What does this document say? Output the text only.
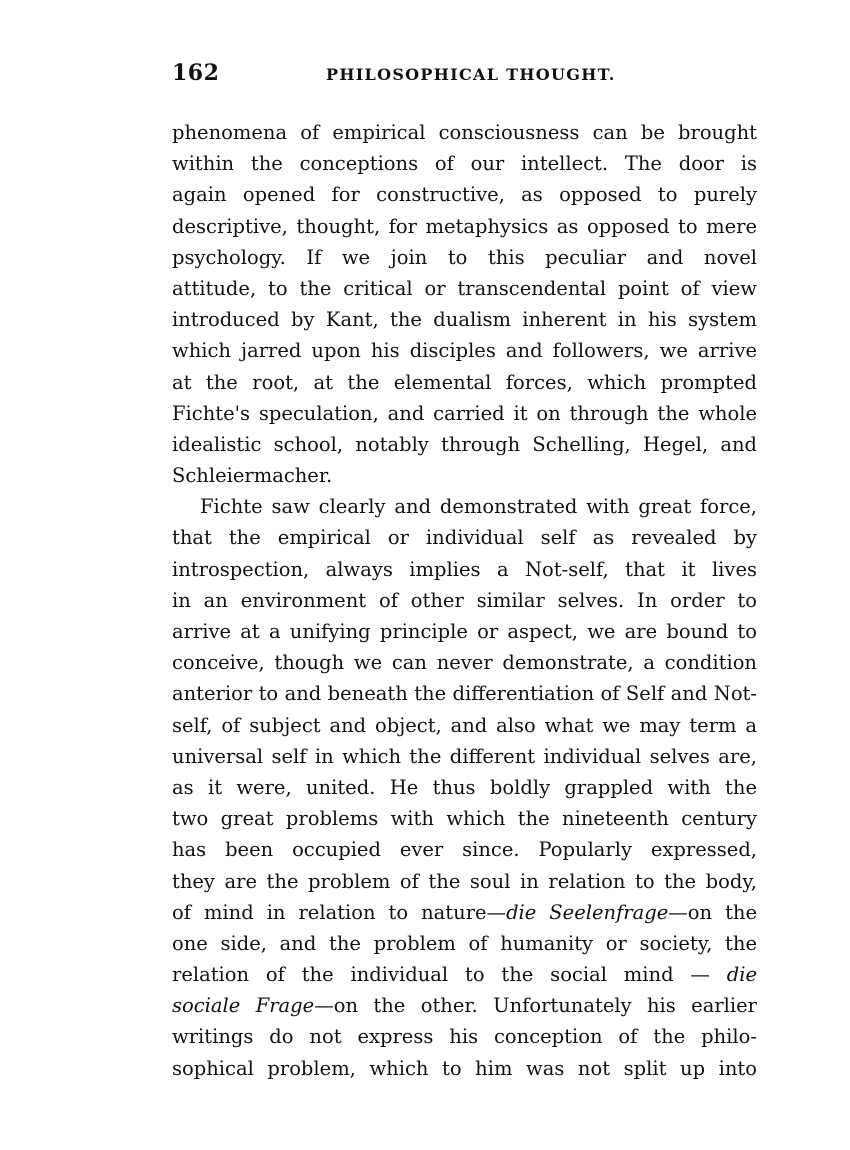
162	PHILOSOPHICAL THOUGHT.
phenomena of empirical consciousness can be brought
within the conceptions of our intellect. The door is
again opened for constructive, as opposed to purely
descriptive, thought, for metaphysics as opposed to mere
psychology. If we join to this peculiar and novel
attitude, to the critical or transcendental point of view
introduced by Kant, the dualism inherent in his system
which jarred upon his disciples and followers, we arrive
at the root, at the elemental forces, which prompted
Fichte's speculation, and carried it on through the whole
idealistic school, notably through Schelling, Hegel, and
Schleiermacher.
Fichte saw clearly and demonstrated with great force,
that the empirical or individual self as revealed by
introspection, always implies a Not-self, that it lives
in an environment of other similar selves. In order to
arrive at a unifying principle or aspect, we are bound to
conceive, though we can never demonstrate, a condition
anterior to and beneath the differentiation of Self and Not-
self, of subject and object, and also what we may term a
universal self in which the different individual selves are,
as it were, united. He thus boldly grappled with the
two great problems with which the nineteenth century
has been occupied ever since. Popularly expressed,
they are the problem of the soul in relation to the body,
of mind in relation to nature—die Seelenfrage—on the
one side, and the problem of humanity or society, the
relation of the individual to the social mind — die
sociale Frage—on the other. Unfortunately his earlier
writings do not express his conception of the philo-
sophical problem, which to him was not split up into
